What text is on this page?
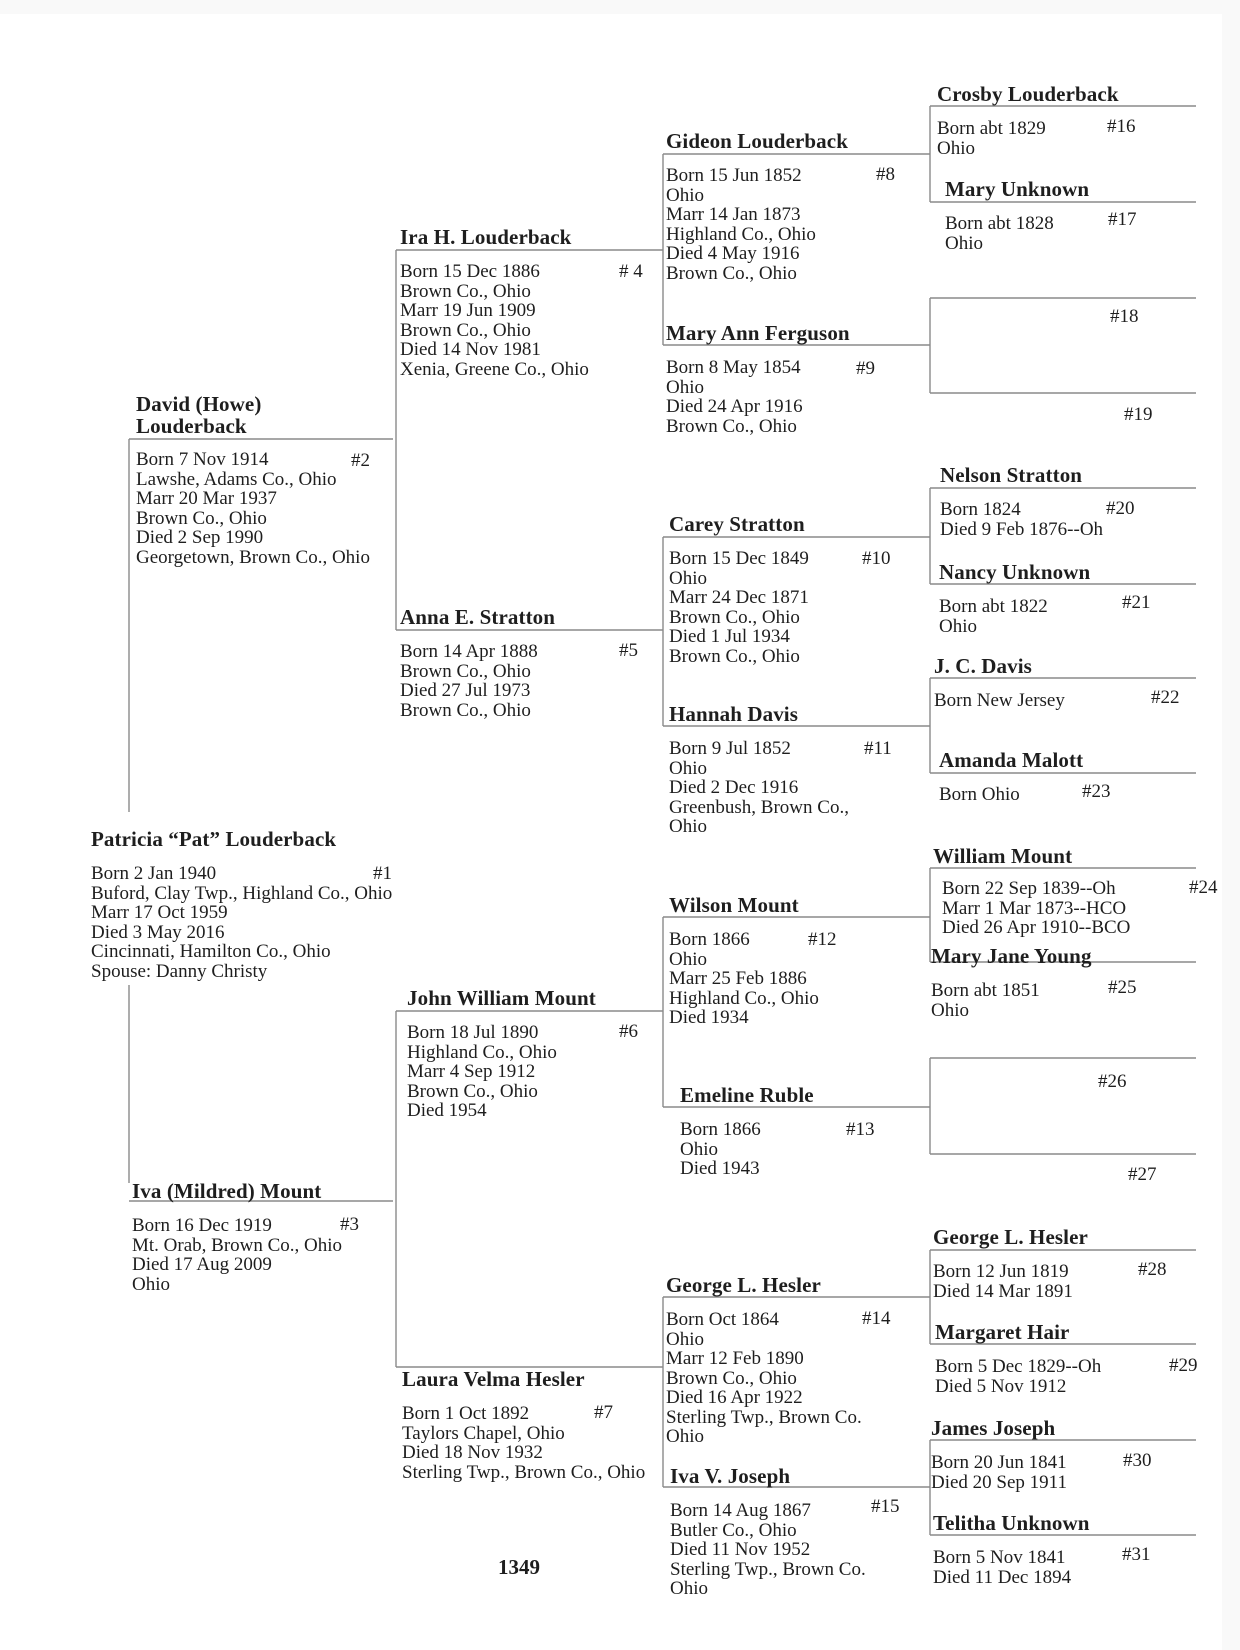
Patricia “Pat” Louderback
Born 2 Jan 1940
Buford, Clay Twp., Highland Co., Ohio
Marr 17 Oct 1959
Died 3 May 2016
Cincinnati, Hamilton Co., Ohio
Spouse: Danny Christy
#1
David (Howe) Louderback
Born 7 Nov 1914
Lawshe, Adams Co., Ohio
Marr 20 Mar 1937
Brown Co., Ohio
Died 2 Sep 1990
Georgetown, Brown Co., Ohio
#2
Iva (Mildred) Mount
Born 16 Dec 1919
Mt. Orab, Brown Co., Ohio
Died 17 Aug 2009
Ohio
#3
Ira H. Louderback
Born 15 Dec 1886
Brown Co., Ohio
Marr 19 Jun 1909
Brown Co., Ohio
Died 14 Nov 1981
Xenia, Greene Co., Ohio
# 4
Anna E. Stratton
Born 14 Apr 1888
Brown Co., Ohio
Died 27 Jul 1973
Brown Co., Ohio
#5
John William Mount
Born 18 Jul 1890
Highland Co., Ohio
Marr 4 Sep 1912
Brown Co., Ohio
Died 1954
#6
Laura Velma Hesler
Born 1 Oct 1892
Taylors Chapel, Ohio
Died 18 Nov 1932
Sterling Twp., Brown Co., Ohio
#7
Gideon Louderback
Born 15 Jun 1852
Ohio
Marr 14 Jan 1873
Highland Co., Ohio
Died 4 May 1916
Brown Co., Ohio
#8
Mary Ann Ferguson
Born 8 May 1854
Ohio
Died 24 Apr 1916
Brown Co., Ohio
#9
Carey Stratton
Born 15 Dec 1849
Ohio
Marr 24 Dec 1871
Brown Co., Ohio
Died 1 Jul 1934
Brown Co., Ohio
#10
Hannah Davis
Born 9 Jul 1852
Ohio
Died 2 Dec 1916
Greenbush, Brown Co.,
Ohio
#11
Wilson Mount
Born 1866
Ohio
Marr 25 Feb 1886
Highland Co., Ohio
Died 1934
#12
Emeline Ruble
Born 1866
Ohio
Died 1943
#13
George L. Hesler
Born Oct 1864
Ohio
Marr 12 Feb 1890
Brown Co., Ohio
Died 16 Apr 1922
Sterling Twp., Brown Co.
Ohio
#14
Iva V. Joseph
Born 14 Aug 1867
Butler Co., Ohio
Died 11 Nov 1952
Sterling Twp., Brown Co.
Ohio
#15
Crosby Louderback
Born abt 1829
Ohio
#16
Mary Unknown
Born abt 1828
Ohio
#17
#18
#19
Nelson Stratton
Born 1824
Died 9 Feb 1876--Oh
#20
Nancy Unknown
Born abt 1822
Ohio
#21
J. C. Davis
Born New Jersey	#22
Amanda Malott
Born Ohio	#23
William Mount
Born 22 Sep 1839--Oh
Marr 1 Mar 1873--HCO
Died 26 Apr 1910--BCO
#24
Mary Jane Young
Born abt 1851
Ohio
#25
#26
#27
George L. Hesler
Born 12 Jun 1819
Died 14 Mar 1891
#28
Margaret Hair
Born 5 Dec 1829--Oh
Died 5 Nov 1912
#29
James Joseph
Born 20 Jun 1841
Died 20 Sep 1911
#30
Telitha Unknown
Born 5 Nov 1841
Died 11 Dec 1894
#31
1349
